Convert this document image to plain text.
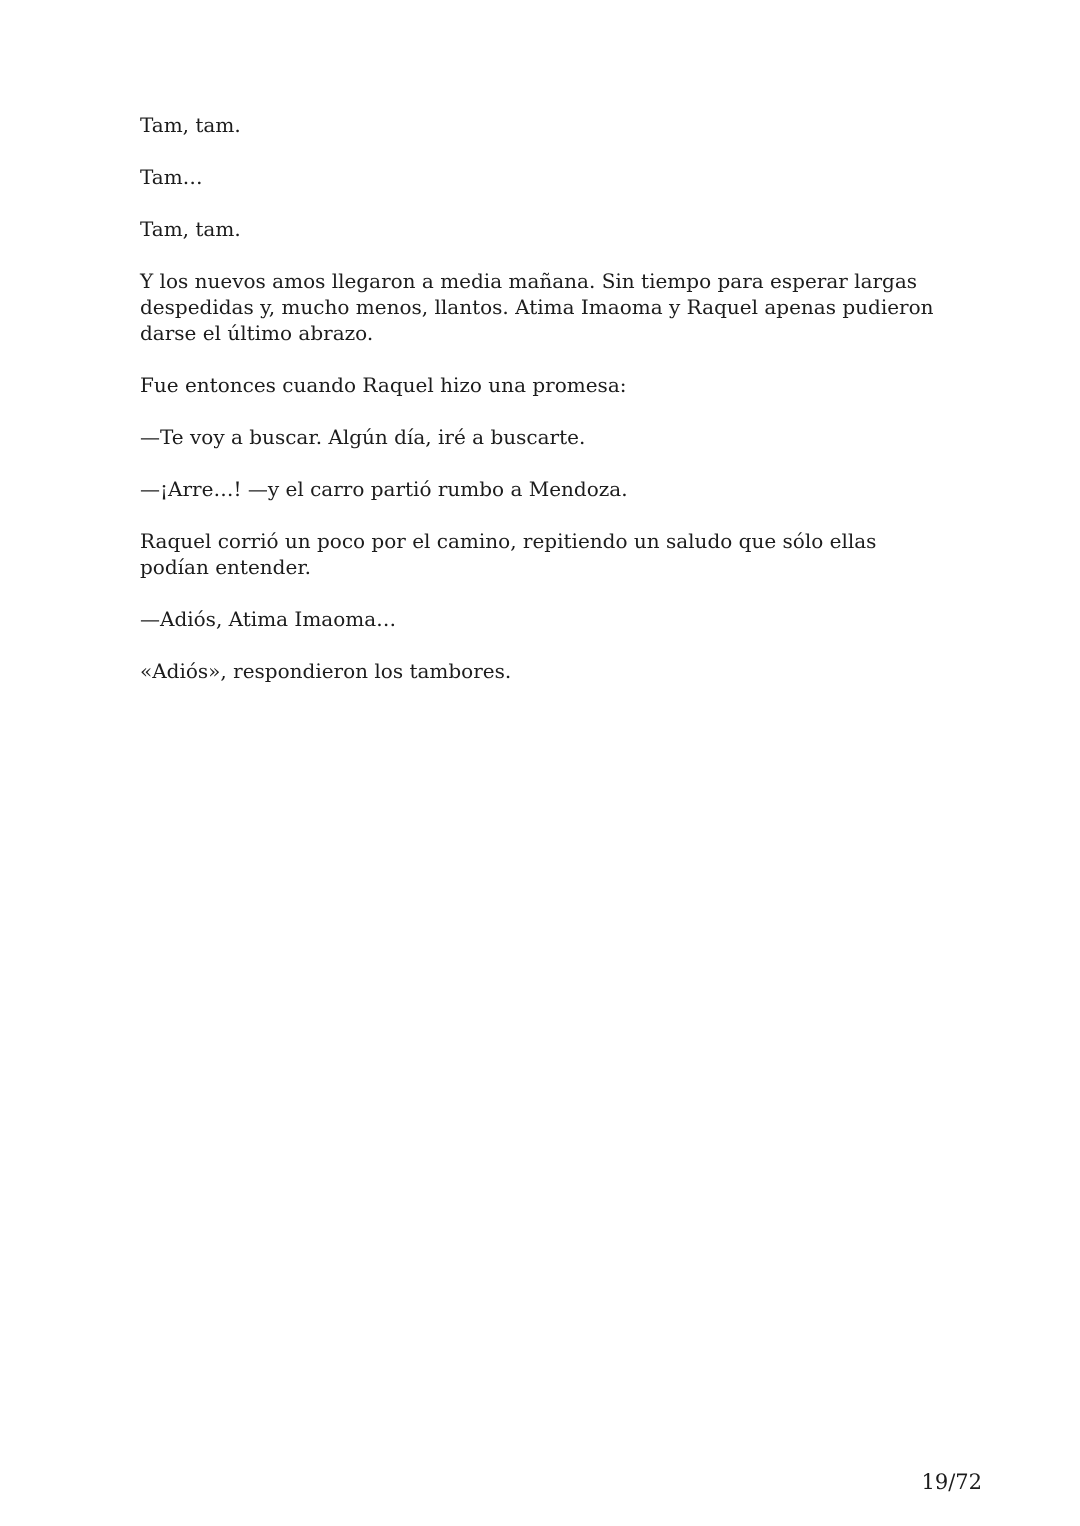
Tam, tam.

Tam…

Tam, tam.

Y los nuevos amos llegaron a media mañana. Sin tiempo para esperar largas despedidas y, mucho menos, llantos. Atima Imaoma y Raquel apenas pudieron darse el último abrazo.

Fue entonces cuando Raquel hizo una promesa:

—Te voy a buscar. Algún día, iré a buscarte.

—¡Arre…! —y el carro partió rumbo a Mendoza.

Raquel corrió un poco por el camino, repitiendo un saludo que sólo ellas podían entender.

—Adiós, Atima Imaoma…

«Adiós», respondieron los tambores.

19/72
